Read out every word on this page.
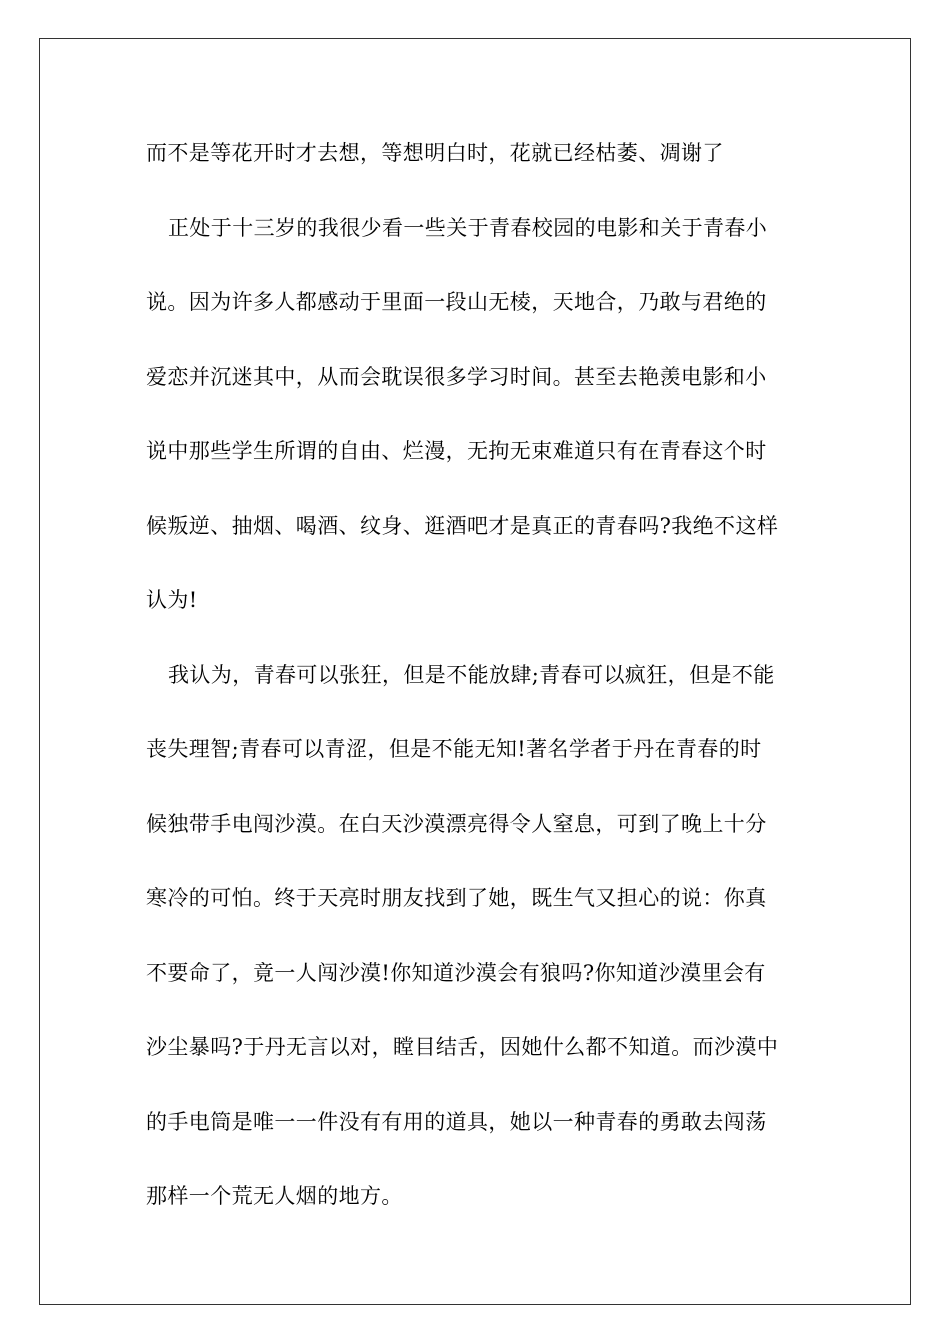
而不是等花开时才去想，等想明白时，花就已经枯萎、凋谢了
正处于十三岁的我很少看一些关于青春校园的电影和关于青春小
说。因为许多人都感动于里面一段山无棱，天地合，乃敢与君绝的
爱恋并沉迷其中，从而会耽误很多学习时间。甚至去艳羡电影和小
说中那些学生所谓的自由、烂漫，无拘无束难道只有在青春这个时
候叛逆、抽烟、喝酒、纹身、逛酒吧才是真正的青春吗?我绝不这样
认为!
我认为，青春可以张狂，但是不能放肆;青春可以疯狂，但是不能
丧失理智;青春可以青涩，但是不能无知!著名学者于丹在青春的时
候独带手电闯沙漠。在白天沙漠漂亮得令人窒息，可到了晚上十分
寒冷的可怕。终于天亮时朋友找到了她，既生气又担心的说：你真
不要命了，竟一人闯沙漠!你知道沙漠会有狼吗?你知道沙漠里会有
沙尘暴吗?于丹无言以对，瞠目结舌，因她什么都不知道。而沙漠中
的手电筒是唯一一件没有有用的道具，她以一种青春的勇敢去闯荡
那样一个荒无人烟的地方。
